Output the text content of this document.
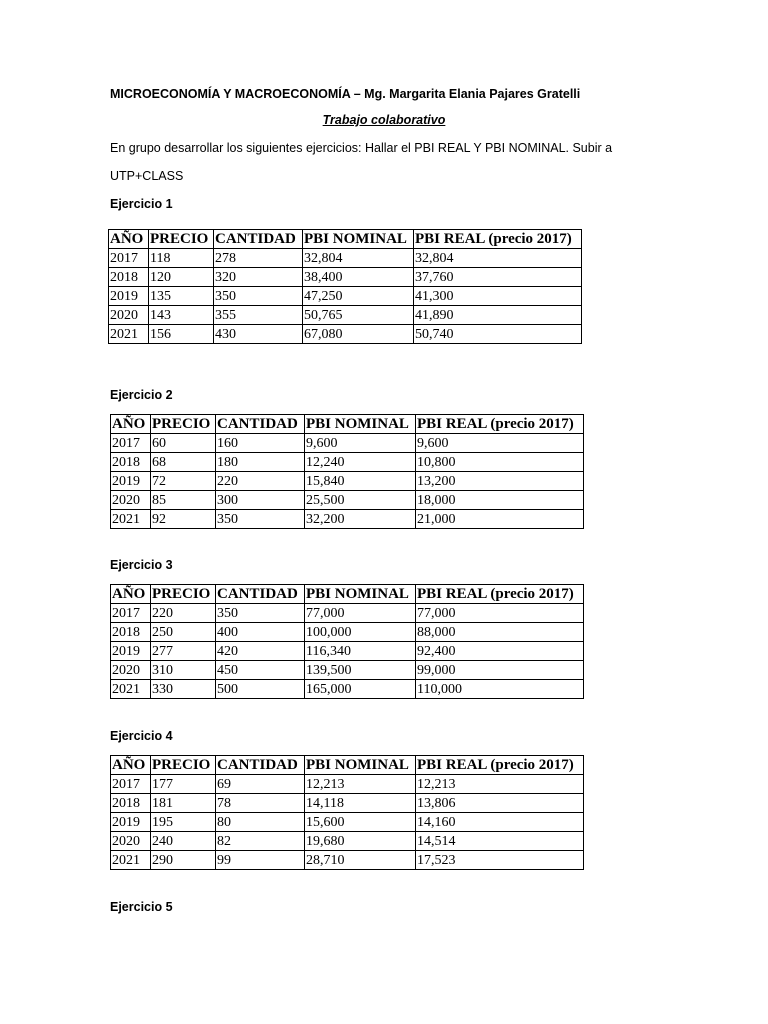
MICROECONOMÍA Y MACROECONOMÍA – Mg. Margarita Elania Pajares Gratelli
Trabajo colaborativo
En grupo desarrollar los siguientes ejercicios: Hallar el PBI REAL Y PBI NOMINAL. Subir a
UTP+CLASS
Ejercicio 1
AÑO	PRECIO	CANTIDAD	PBI NOMINAL	PBI REAL (precio 2017)
2017	118	278	32,804	32,804
2018	120	320	38,400	37,760
2019	135	350	47,250	41,300
2020	143	355	50,765	41,890
2021	156	430	67,080	50,740
Ejercicio 2
AÑO	PRECIO	CANTIDAD	PBI NOMINAL	PBI REAL (precio 2017)
2017	60	160	9,600	9,600
2018	68	180	12,240	10,800
2019	72	220	15,840	13,200
2020	85	300	25,500	18,000
2021	92	350	32,200	21,000
Ejercicio 3
AÑO	PRECIO	CANTIDAD	PBI NOMINAL	PBI REAL (precio 2017)
2017	220	350	77,000	77,000
2018	250	400	100,000	88,000
2019	277	420	116,340	92,400
2020	310	450	139,500	99,000
2021	330	500	165,000	110,000
Ejercicio 4
AÑO	PRECIO	CANTIDAD	PBI NOMINAL	PBI REAL (precio 2017)
2017	177	69	12,213	12,213
2018	181	78	14,118	13,806
2019	195	80	15,600	14,160
2020	240	82	19,680	14,514
2021	290	99	28,710	17,523
Ejercicio 5
